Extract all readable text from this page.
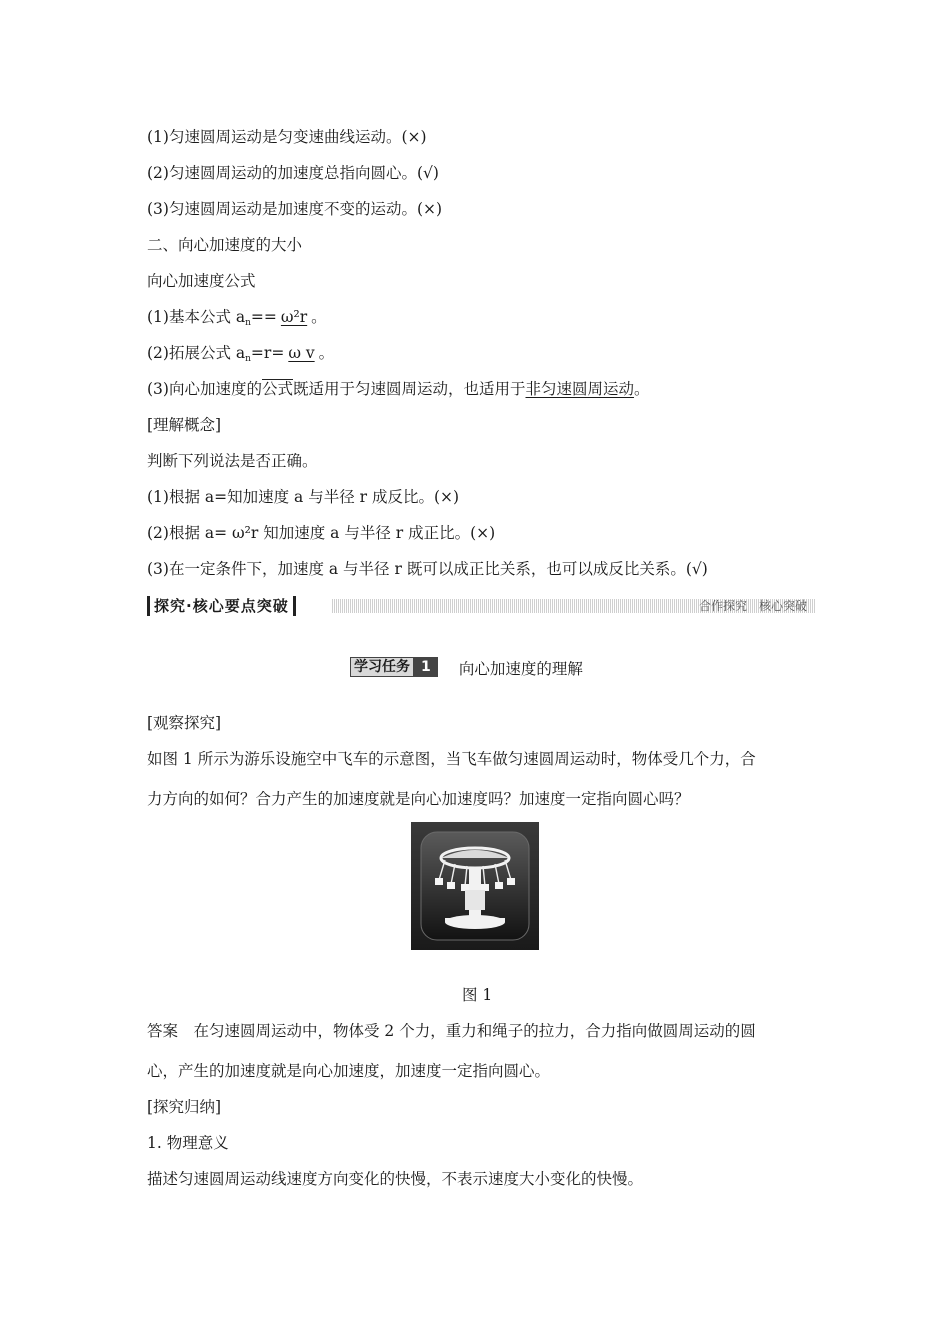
(1)匀速圆周运动是匀变速曲线运动。(×)
(2)匀速圆周运动的加速度总指向圆心。(√)
(3)匀速圆周运动是加速度不变的运动。(×)
二、向心加速度的大小
向心加速度公式
(1)基本公式 $a_n== \omega^2r$ 。
(2)拓展公式 $a_n=r= \omega$ v 。
(3)向心加速度的公式既适用于匀速圆周运动，也适用于非匀速圆周运动。
[理解概念]
判断下列说法是否正确。
(1)根据 a=知加速度 a 与半径 r 成反比。(×)
(2)根据 a= ω²r 知加速度 a 与半径 r 成正比。(×)
(3)在一定条件下，加速度 a 与半径 r 既可以成正比关系，也可以成反比关系。(√)
探究·核心要点突破	合作探究　核心突破
学习任务 1 向心加速度的理解
[观察探究]
如图 1 所示为游乐设施空中飞车的示意图，当飞车做匀速圆周运动时，物体受几个力，合
力方向的如何？合力产生的加速度就是向心加速度吗？加速度一定指向圆心吗？
图 1
答案　在匀速圆周运动中，物体受 2 个力，重力和绳子的拉力，合力指向做圆周运动的圆
心，产生的加速度就是向心加速度，加速度一定指向圆心。
[探究归纳]
1. 物理意义
描述匀速圆周运动线速度方向变化的快慢，不表示速度大小变化的快慢。
